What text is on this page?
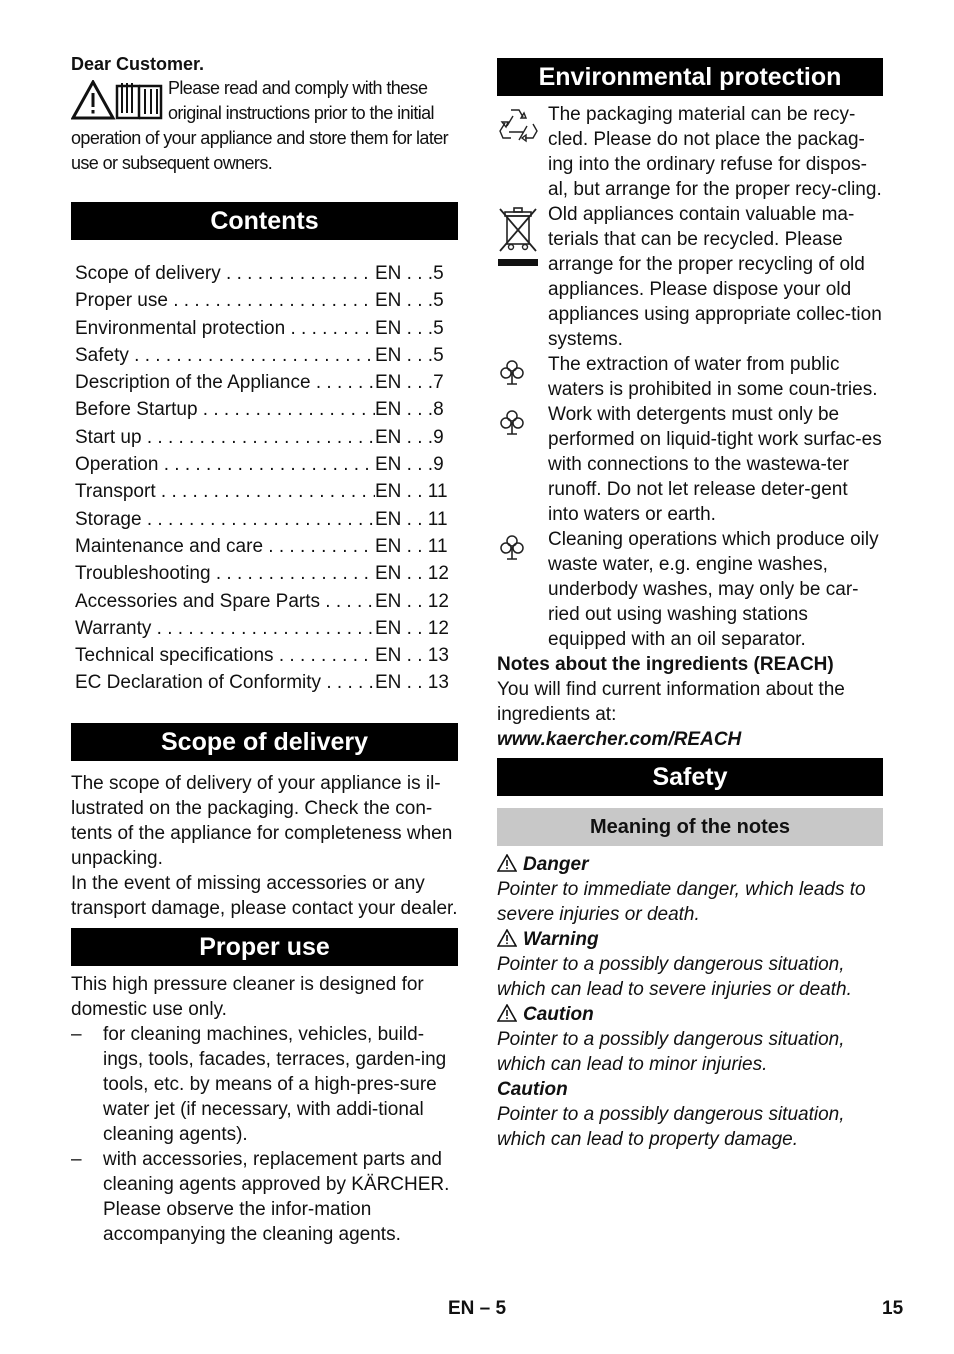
Dear Customer.
Please read and comply with these original instructions prior to the initial operation of your appliance and store them for later use or subsequent owners.
Contents
Scope of delivery . . .	EN . . .5
Proper use . . .	EN . . .5
Environmental protection . . .	EN . . .5
Safety . . .	EN . . .5
Description of the Appliance . . .	EN . . .7
Before Startup . . .	EN . . .8
Start up . . .	EN . . .9
Operation . . .	EN . . .9
Transport . . .	EN . . 11
Storage . . .	EN . . 11
Maintenance and care . . .	EN . . 11
Troubleshooting . . .	EN . . 12
Accessories and Spare Parts . . .	EN . . 12
Warranty . . .	EN . . 12
Technical specifications . . .	EN . . 13
EC Declaration of Conformity . . .	EN . . 13
Scope of delivery
The scope of delivery of your appliance is il-lustrated on the packaging. Check the con-tents of the appliance for completeness when unpacking.
In the event of missing accessories or any transport damage, please contact your dealer.
Proper use
This high pressure cleaner is designed for domestic use only.
– for cleaning machines, vehicles, build-ings, tools, facades, terraces, garden-ing tools, etc. by means of a high-pres-sure water jet (if necessary, with addi-tional cleaning agents).
– with accessories, replacement parts and cleaning agents approved by KÄRCHER. Please observe the infor-mation accompanying the cleaning agents.
Environmental protection
The packaging material can be recy-cled. Please do not place the packag-ing into the ordinary refuse for dispos-al, but arrange for the proper recy-cling.
Old appliances contain valuable ma-terials that can be recycled. Please arrange for the proper recycling of old appliances. Please dispose your old appliances using appropriate collec-tion systems.
The extraction of water from public waters is prohibited in some coun-tries.
Work with detergents must only be performed on liquid-tight work surfac-es with connections to the wastewa-ter runoff. Do not let release deter-gent into waters or earth.
Cleaning operations which produce oily waste water, e.g. engine washes, underbody washes, may only be car-ried out using washing stations equipped with an oil separator.
Notes about the ingredients (REACH)
You will find current information about the ingredients at:
www.kaercher.com/REACH
Safety
Meaning of the notes
Danger
Pointer to immediate danger, which leads to severe injuries or death.
Warning
Pointer to a possibly dangerous situation, which can lead to severe injuries or death.
Caution
Pointer to a possibly dangerous situation, which can lead to minor injuries.
Caution
Pointer to a possibly dangerous situation, which can lead to property damage.
EN – 5	15
